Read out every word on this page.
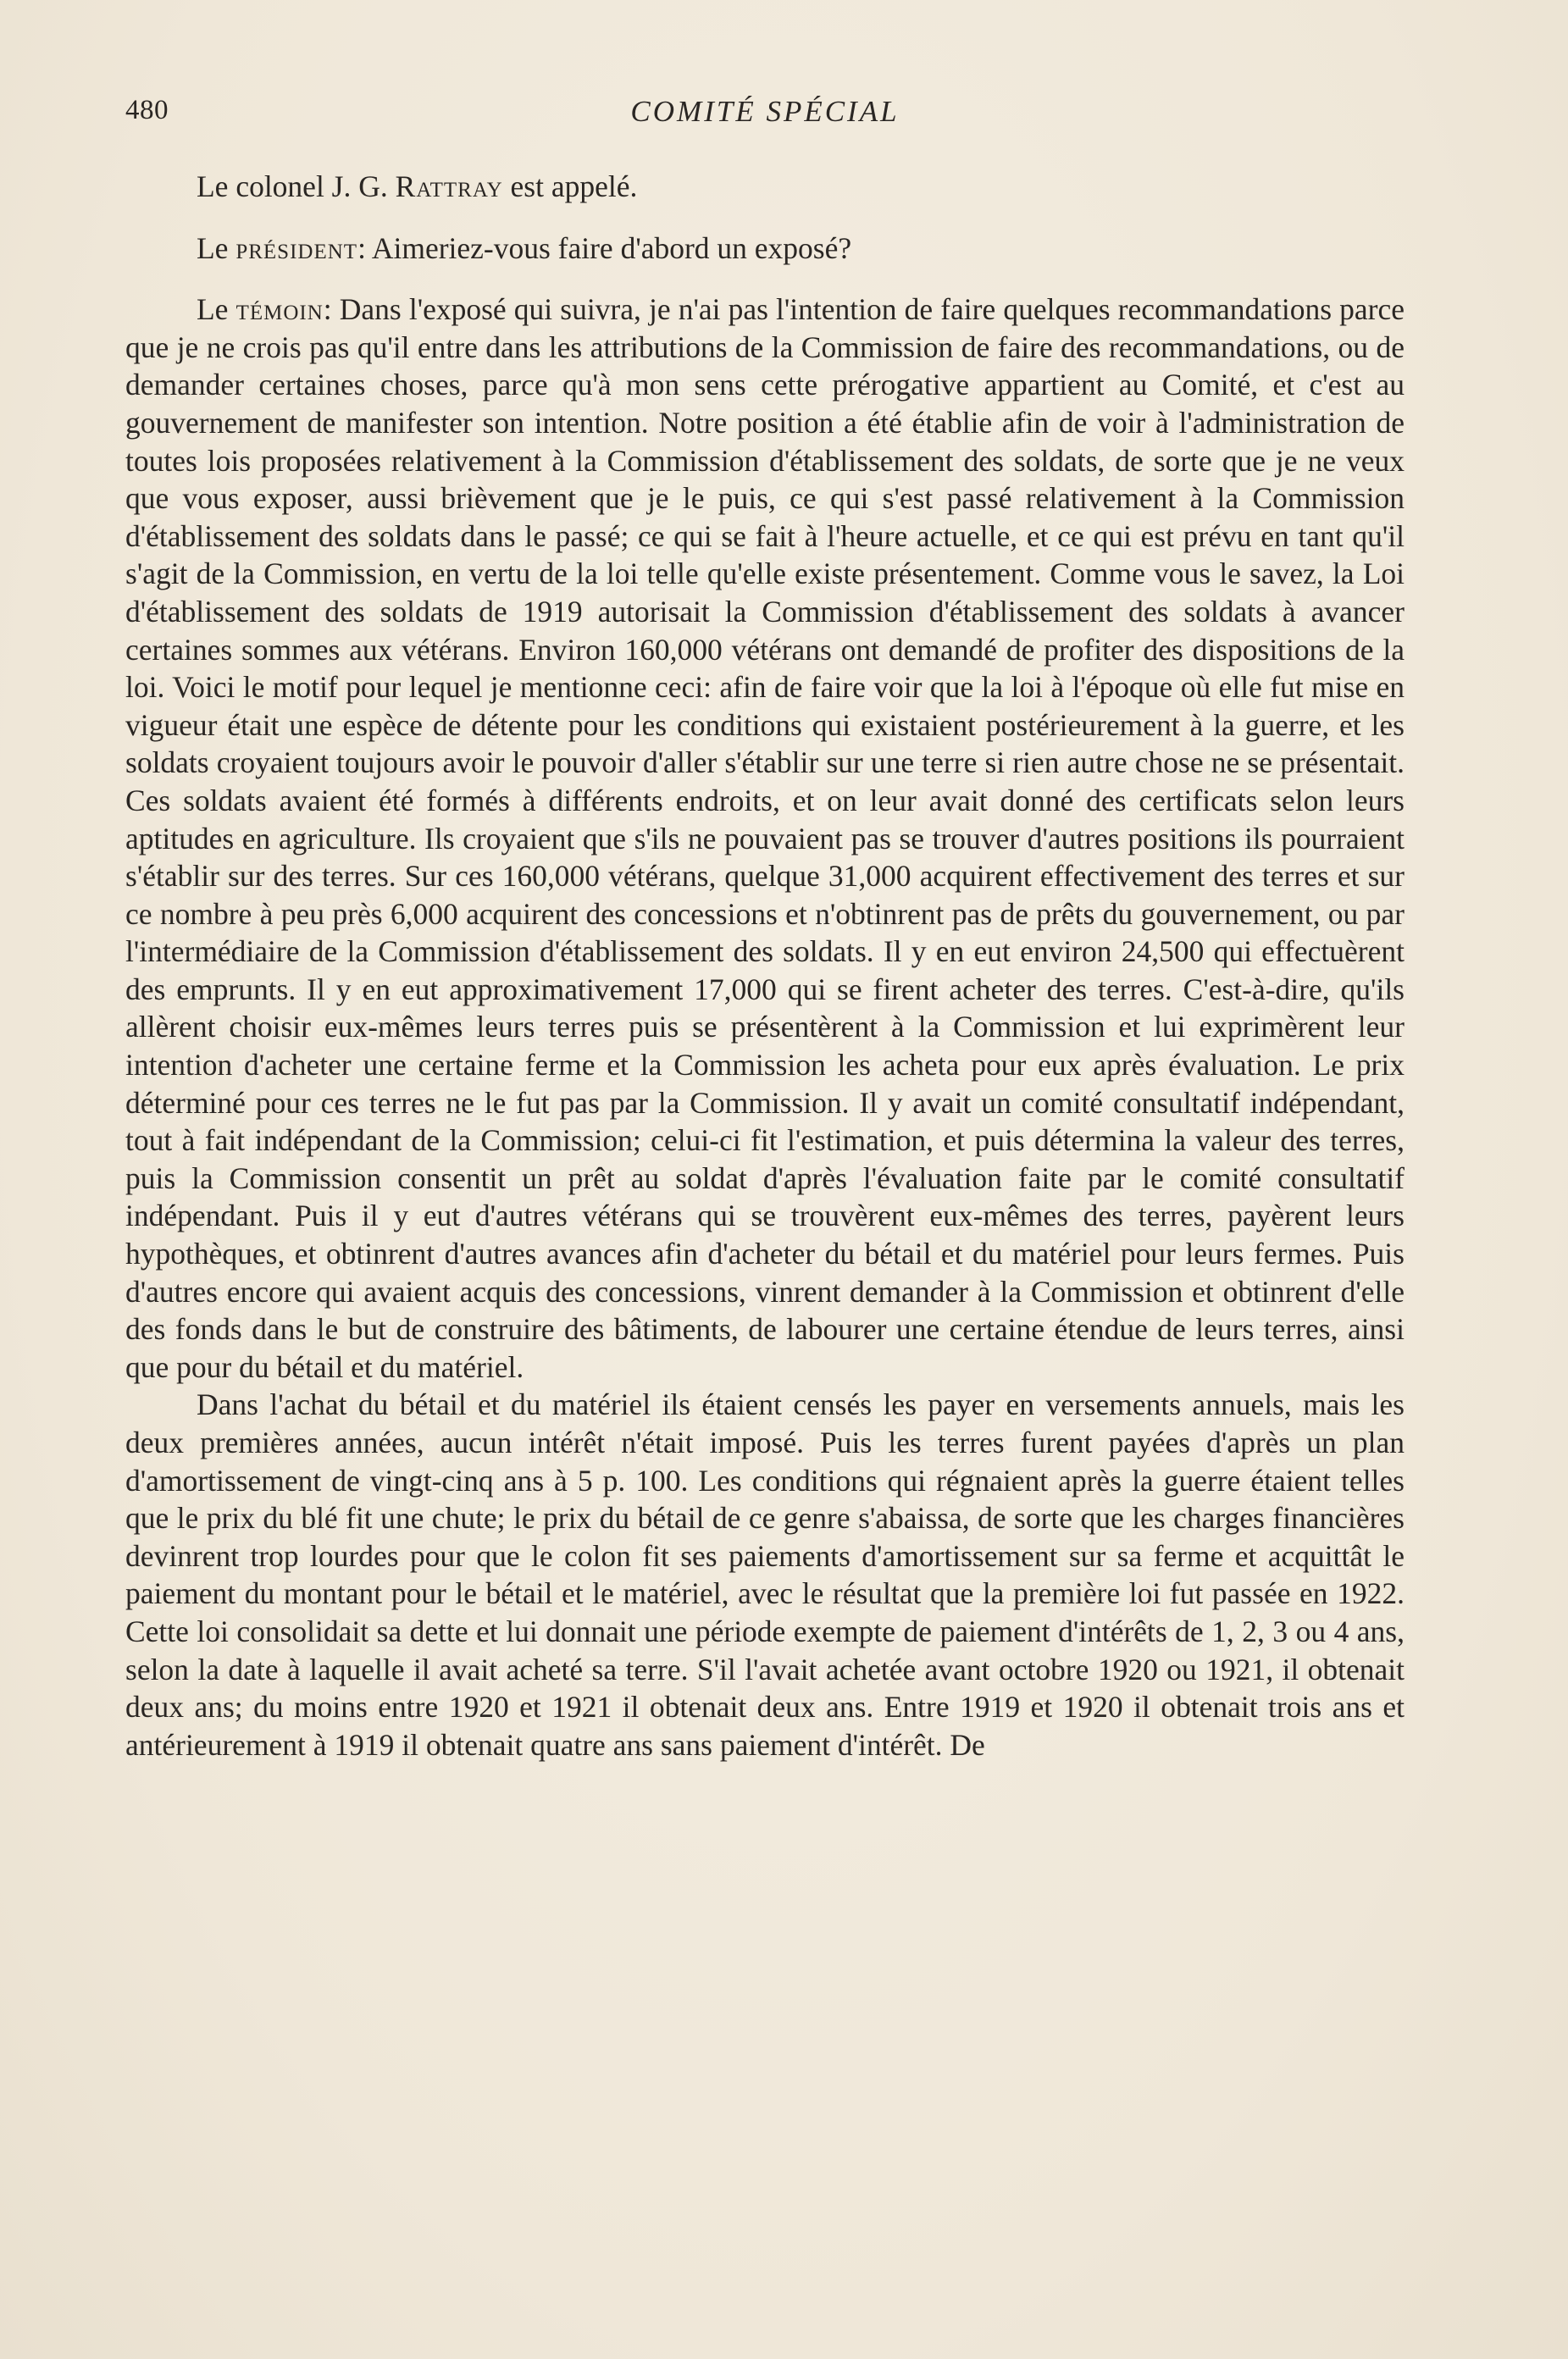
480	COMITÉ SPÉCIAL

Le colonel J. G. Rattray est appelé.

Le président: Aimeriez-vous faire d'abord un exposé?

Le témoin: Dans l'exposé qui suivra, je n'ai pas l'intention de faire quelques recommandations parce que je ne crois pas qu'il entre dans les attributions de la Commission de faire des recommandations, ou de demander certaines choses, parce qu'à mon sens cette prérogative appartient au Comité, et c'est au gouvernement de manifester son intention. Notre position a été établie afin de voir à l'administration de toutes lois proposées relativement à la Commission d'établissement des soldats, de sorte que je ne veux que vous exposer, aussi brièvement que je le puis, ce qui s'est passé relativement à la Commission d'établissement des soldats dans le passé; ce qui se fait à l'heure actuelle, et ce qui est prévu en tant qu'il s'agit de la Commission, en vertu de la loi telle qu'elle existe présentement. Comme vous le savez, la Loi d'établissement des soldats de 1919 autorisait la Commission d'établissement des soldats à avancer certaines sommes aux vétérans. Environ 160,000 vétérans ont demandé de profiter des dispositions de la loi. Voici le motif pour lequel je mentionne ceci: afin de faire voir que la loi à l'époque où elle fut mise en vigueur était une espèce de détente pour les conditions qui existaient postérieurement à la guerre, et les soldats croyaient toujours avoir le pouvoir d'aller s'établir sur une terre si rien autre chose ne se présentait. Ces soldats avaient été formés à différents endroits, et on leur avait donné des certificats selon leurs aptitudes en agriculture. Ils croyaient que s'ils ne pouvaient pas se trouver d'autres positions ils pourraient s'établir sur des terres. Sur ces 160,000 vétérans, quelque 31,000 acquirent effectivement des terres et sur ce nombre à peu près 6,000 acquirent des concessions et n'obtinrent pas de prêts du gouvernement, ou par l'intermédiaire de la Commission d'établissement des soldats. Il y en eut environ 24,500 qui effectuèrent des emprunts. Il y en eut approximativement 17,000 qui se firent acheter des terres. C'est-à-dire, qu'ils allèrent choisir eux-mêmes leurs terres puis se présentèrent à la Commission et lui exprimèrent leur intention d'acheter une certaine ferme et la Commission les acheta pour eux après évaluation. Le prix déterminé pour ces terres ne le fut pas par la Commission. Il y avait un comité consultatif indépendant, tout à fait indépendant de la Commission; celui-ci fit l'estimation, et puis détermina la valeur des terres, puis la Commission consentit un prêt au soldat d'après l'évaluation faite par le comité consultatif indépendant. Puis il y eut d'autres vétérans qui se trouvèrent eux-mêmes des terres, payèrent leurs hypothèques, et obtinrent d'autres avances afin d'acheter du bétail et du matériel pour leurs fermes. Puis d'autres encore qui avaient acquis des concessions, vinrent demander à la Commission et obtinrent d'elle des fonds dans le but de construire des bâtiments, de labourer une certaine étendue de leurs terres, ainsi que pour du bétail et du matériel.

Dans l'achat du bétail et du matériel ils étaient censés les payer en versements annuels, mais les deux premières années, aucun intérêt n'était imposé. Puis les terres furent payées d'après un plan d'amortissement de vingt-cinq ans à 5 p. 100. Les conditions qui régnaient après la guerre étaient telles que le prix du blé fit une chute; le prix du bétail de ce genre s'abaissa, de sorte que les charges financières devinrent trop lourdes pour que le colon fit ses paiements d'amortissement sur sa ferme et acquittât le paiement du montant pour le bétail et le matériel, avec le résultat que la première loi fut passée en 1922. Cette loi consolidait sa dette et lui donnait une période exempte de paiement d'intérêts de 1, 2, 3 ou 4 ans, selon la date à laquelle il avait acheté sa terre. S'il l'avait achetée avant octobre 1920 ou 1921, il obtenait deux ans; du moins entre 1920 et 1921 il obtenait deux ans. Entre 1919 et 1920 il obtenait trois ans et antérieurement à 1919 il obtenait quatre ans sans paiement d'intérêt. De
